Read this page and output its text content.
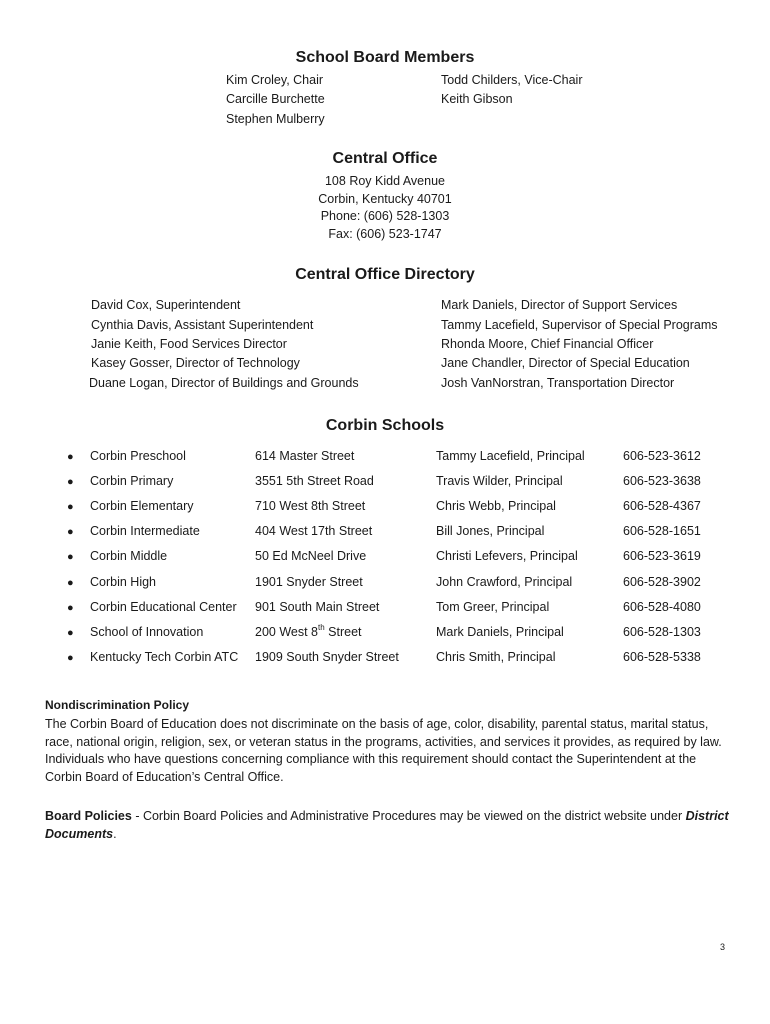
School Board Members
Kim Croley, Chair
Carcille Burchette
Stephen Mulberry
Todd Childers, Vice-Chair
Keith Gibson
Central Office
108 Roy Kidd Avenue
Corbin, Kentucky 40701
Phone: (606) 528-1303
Fax: (606) 523-1747
Central Office Directory
David Cox, Superintendent
Cynthia Davis, Assistant Superintendent
Janie Keith, Food Services Director
Kasey Gosser, Director of Technology
Duane Logan, Director of Buildings and Grounds
Mark Daniels, Director of Support Services
Tammy Lacefield, Supervisor of Special Programs
Rhonda Moore, Chief Financial Officer
Jane Chandler, Director of Special Education
Josh VanNorstran, Transportation Director
Corbin Schools
● Corbin Preschool	614 Master Street	Tammy Lacefield, Principal	606-523-3612
● Corbin Primary	3551 5th Street Road	Travis Wilder, Principal	606-523-3638
● Corbin Elementary	710 West 8th Street	Chris Webb, Principal	606-528-4367
● Corbin Intermediate	404 West 17th Street	Bill Jones, Principal	606-528-1651
● Corbin Middle	50 Ed McNeel Drive	Christi Lefevers, Principal	606-523-3619
● Corbin High	1901 Snyder Street	John Crawford, Principal	606-528-3902
● Corbin Educational Center 901 South Main Street	Tom Greer, Principal	606-528-4080
● School of Innovation	200 West 8th Street	Mark Daniels, Principal	606-528-1303
● Kentucky Tech Corbin ATC 1909 South Snyder Street	Chris Smith, Principal	606-528-5338
Nondiscrimination Policy
The Corbin Board of Education does not discriminate on the basis of age, color, disability, parental status, marital status, race, national origin, religion, sex, or veteran status in the programs, activities, and services it provides, as required by law. Individuals who have questions concerning compliance with this requirement should contact the Superintendent at the Corbin Board of Education’s Central Office.
Board Policies - Corbin Board Policies and Administrative Procedures may be viewed on the district website under District Documents.
3
